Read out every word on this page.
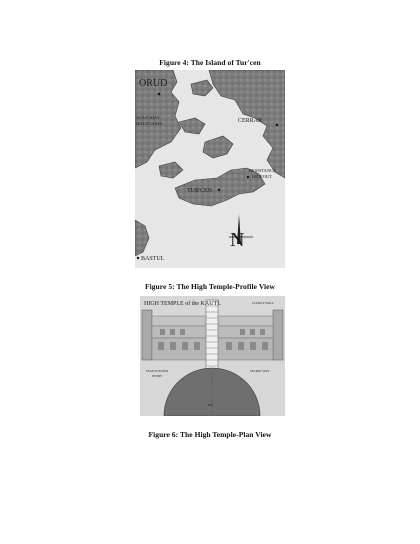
Figure 4: The Island of Tur'cen
ORUD
GOLD KDA
HOUNTAINS	CERRAR
RESISTANCE
HIDEOUT
TUR'CEN
BASTUL
N
Figure 5: The High Temple-Profile View
HIGH TEMPLE of the KAUTL	CLERGY HALL
STATUE ROOM
ENTRY
SECRET WAY
PIT
Figure 6: The High Temple-Plan View
